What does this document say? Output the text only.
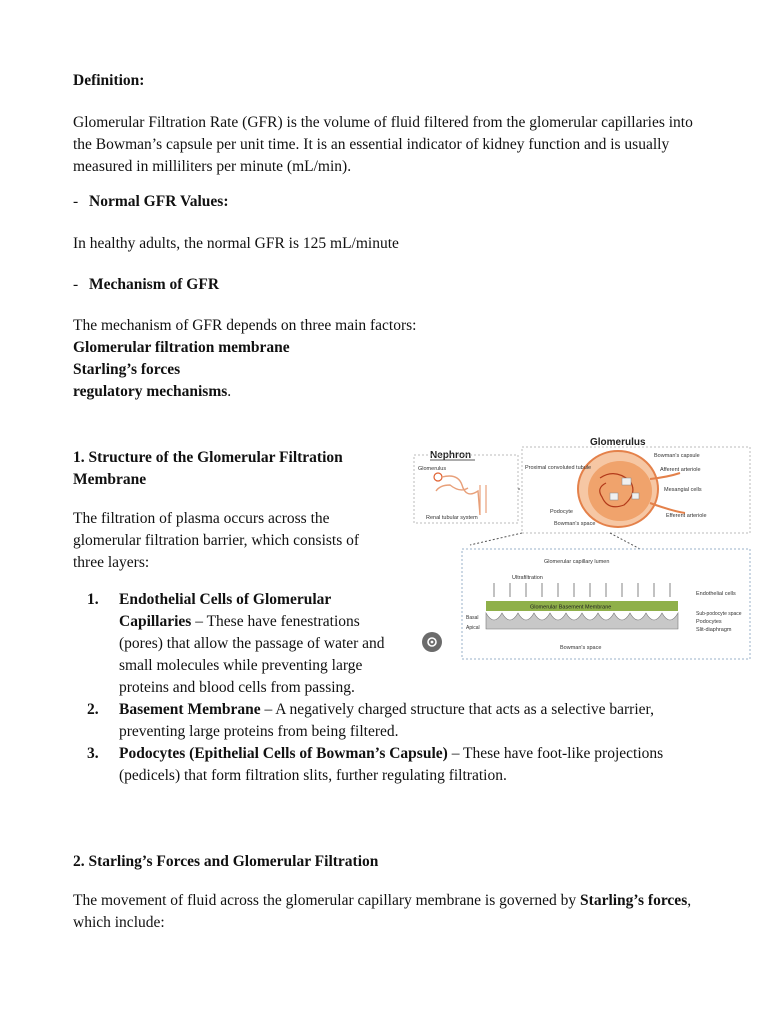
Definition:
Glomerular Filtration Rate (GFR) is the volume of fluid filtered from the glomerular capillaries into the Bowman’s capsule per unit time. It is an essential indicator of kidney function and is usually measured in milliliters per minute (mL/min).
- Normal GFR Values:
In healthy adults, the normal GFR is 125 mL/minute
- Mechanism of GFR
The mechanism of GFR depends on three main factors:
Glomerular filtration membrane
Starling’s forces
regulatory mechanisms.
1. Structure of the Glomerular Filtration Membrane
The filtration of plasma occurs across the glomerular filtration barrier, which consists of three layers:
1. Endothelial Cells of Glomerular Capillaries – These have fenestrations (pores) that allow the passage of water and small molecules while preventing large proteins and blood cells from passing.
2. Basement Membrane – A negatively charged structure that acts as a selective barrier, preventing large proteins from being filtered.
3. Podocytes (Epithelial Cells of Bowman’s Capsule) – These have foot-like projections (pedicels) that form filtration slits, further regulating filtration.
2. Starling’s Forces and Glomerular Filtration
The movement of fluid across the glomerular capillary membrane is governed by Starling’s forces, which include:
Nephron
Glomerulus
Renal tubular system
Glomerulus
Proximal convoluted tubule
Bowman's capsule
Afferent arteriole
Mesangial cells
Podocyte
Bowman's space
Efferent arteriole
Glomerular capillary lumen
Ultrafiltration
Glomerular Basement Membrane
Basal
Apical
Endothelial cells
Sub-podocyte space
Podocytes
Slit-diaphragm
Bowman's space
